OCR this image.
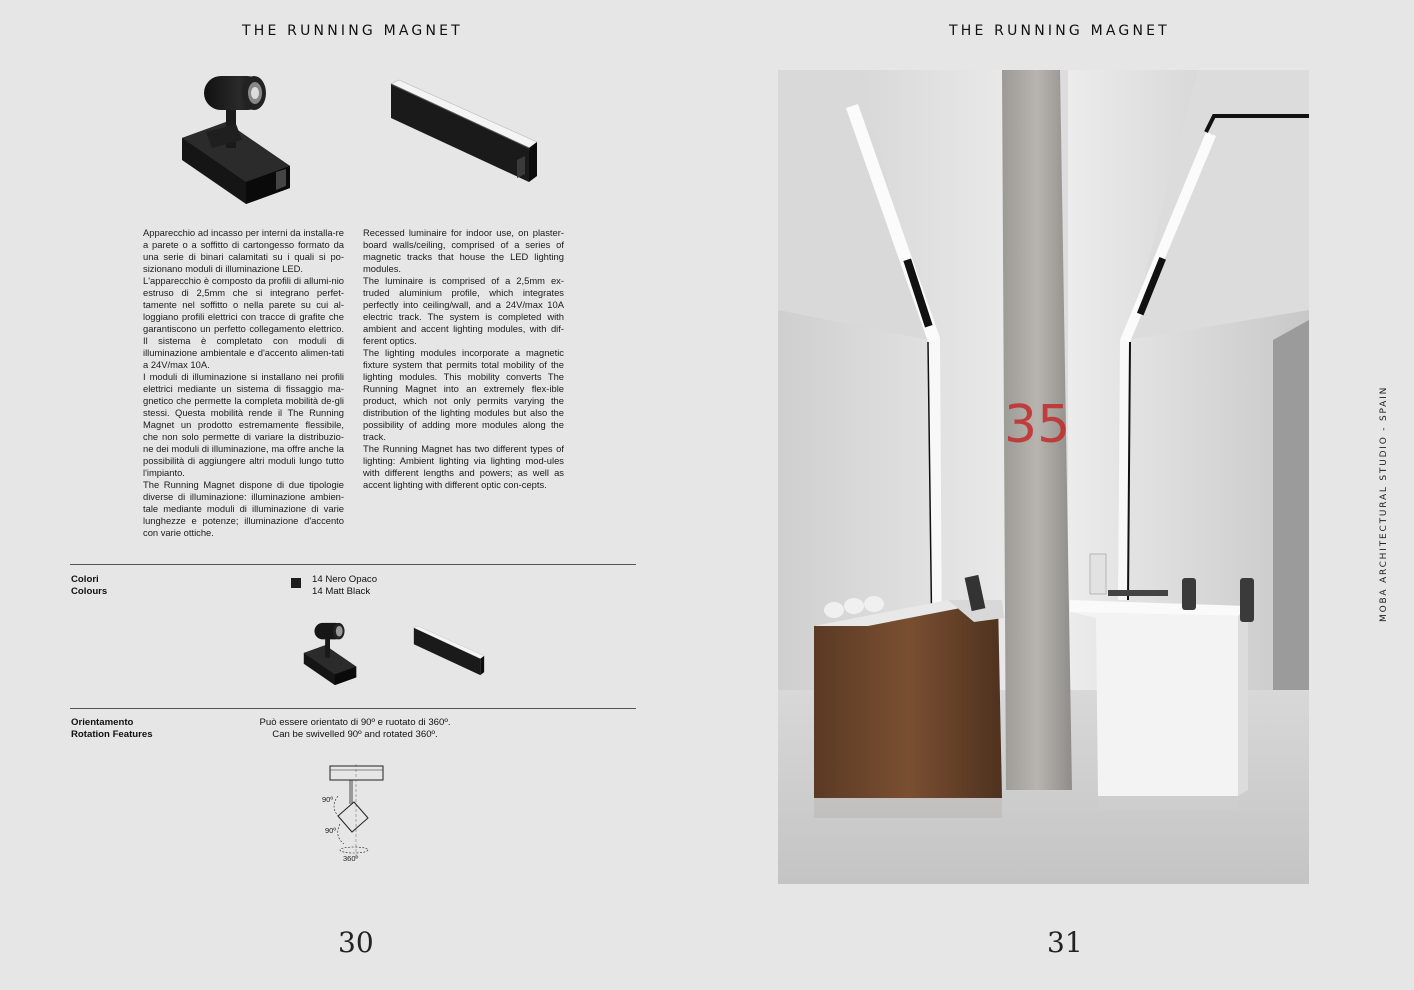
THE RUNNING MAGNET

Apparecchio ad incasso per interni da installa-re a parete o a soffitto di cartongesso formato da una serie di binari calamitati su i quali si po-sizionano moduli di illuminazione LED.

L'apparecchio è composto da profili di allumi-nio estruso di 2,5mm che si integrano perfet-tamente nel soffitto o nella parete su cui al-loggiano profili elettrici con tracce di grafite che garantiscono un perfetto collegamento elettrico. Il sistema è completato con moduli di illuminazione ambientale e d'accento alimen-tati a 24V/max 10A.

I moduli di illuminazione si installano nei profili elettrici mediante un sistema di fissaggio ma-gnetico che permette la completa mobilità de-gli stessi. Questa mobilità rende il The Running Magnet un prodotto estremamente flessibile, che non solo permette di variare la distribuzio-ne dei moduli di illuminazione, ma offre anche la possibilità di aggiungere altri moduli lungo tutto l'impianto.

The Running Magnet dispone di due tipologie diverse di illuminazione: illuminazione ambien-tale mediante moduli di illuminazione di varie lunghezze e potenze; illuminazione d'accento con varie ottiche.

Recessed luminaire for indoor use, on plaster-board walls/ceiling, comprised of a series of magnetic tracks that house the LED lighting modules.

The luminaire is comprised of a 2,5mm ex-truded aluminium profile, which integrates perfectly into ceiling/wall, and a 24V/max 10A electric track. The system is completed with ambient and accent lighting modules, with dif-ferent optics.

The lighting modules incorporate a magnetic fixture system that permits total mobility of the lighting modules. This mobility converts The Running Magnet into an extremely flex-ible product, which not only permits varying the distribution of the lighting modules but also the possibility of adding more modules along the track.

The Running Magnet has two different types of lighting: Ambient lighting via lighting mod-ules with different lengths and powers; as well as accent lighting with different optic con-cepts.

Colori
Colours
14 Nero Opaco
14 Matt Black
Orientamento
Rotation Features
Può essere orientato di 90º e ruotato di 360º.
Can be swivelled 90º and rotated 360º.
90º
90º
360º
30
THE RUNNING MAGNET
35	MOBA ARCHITECTURAL STUDIO - SPAIN
31
